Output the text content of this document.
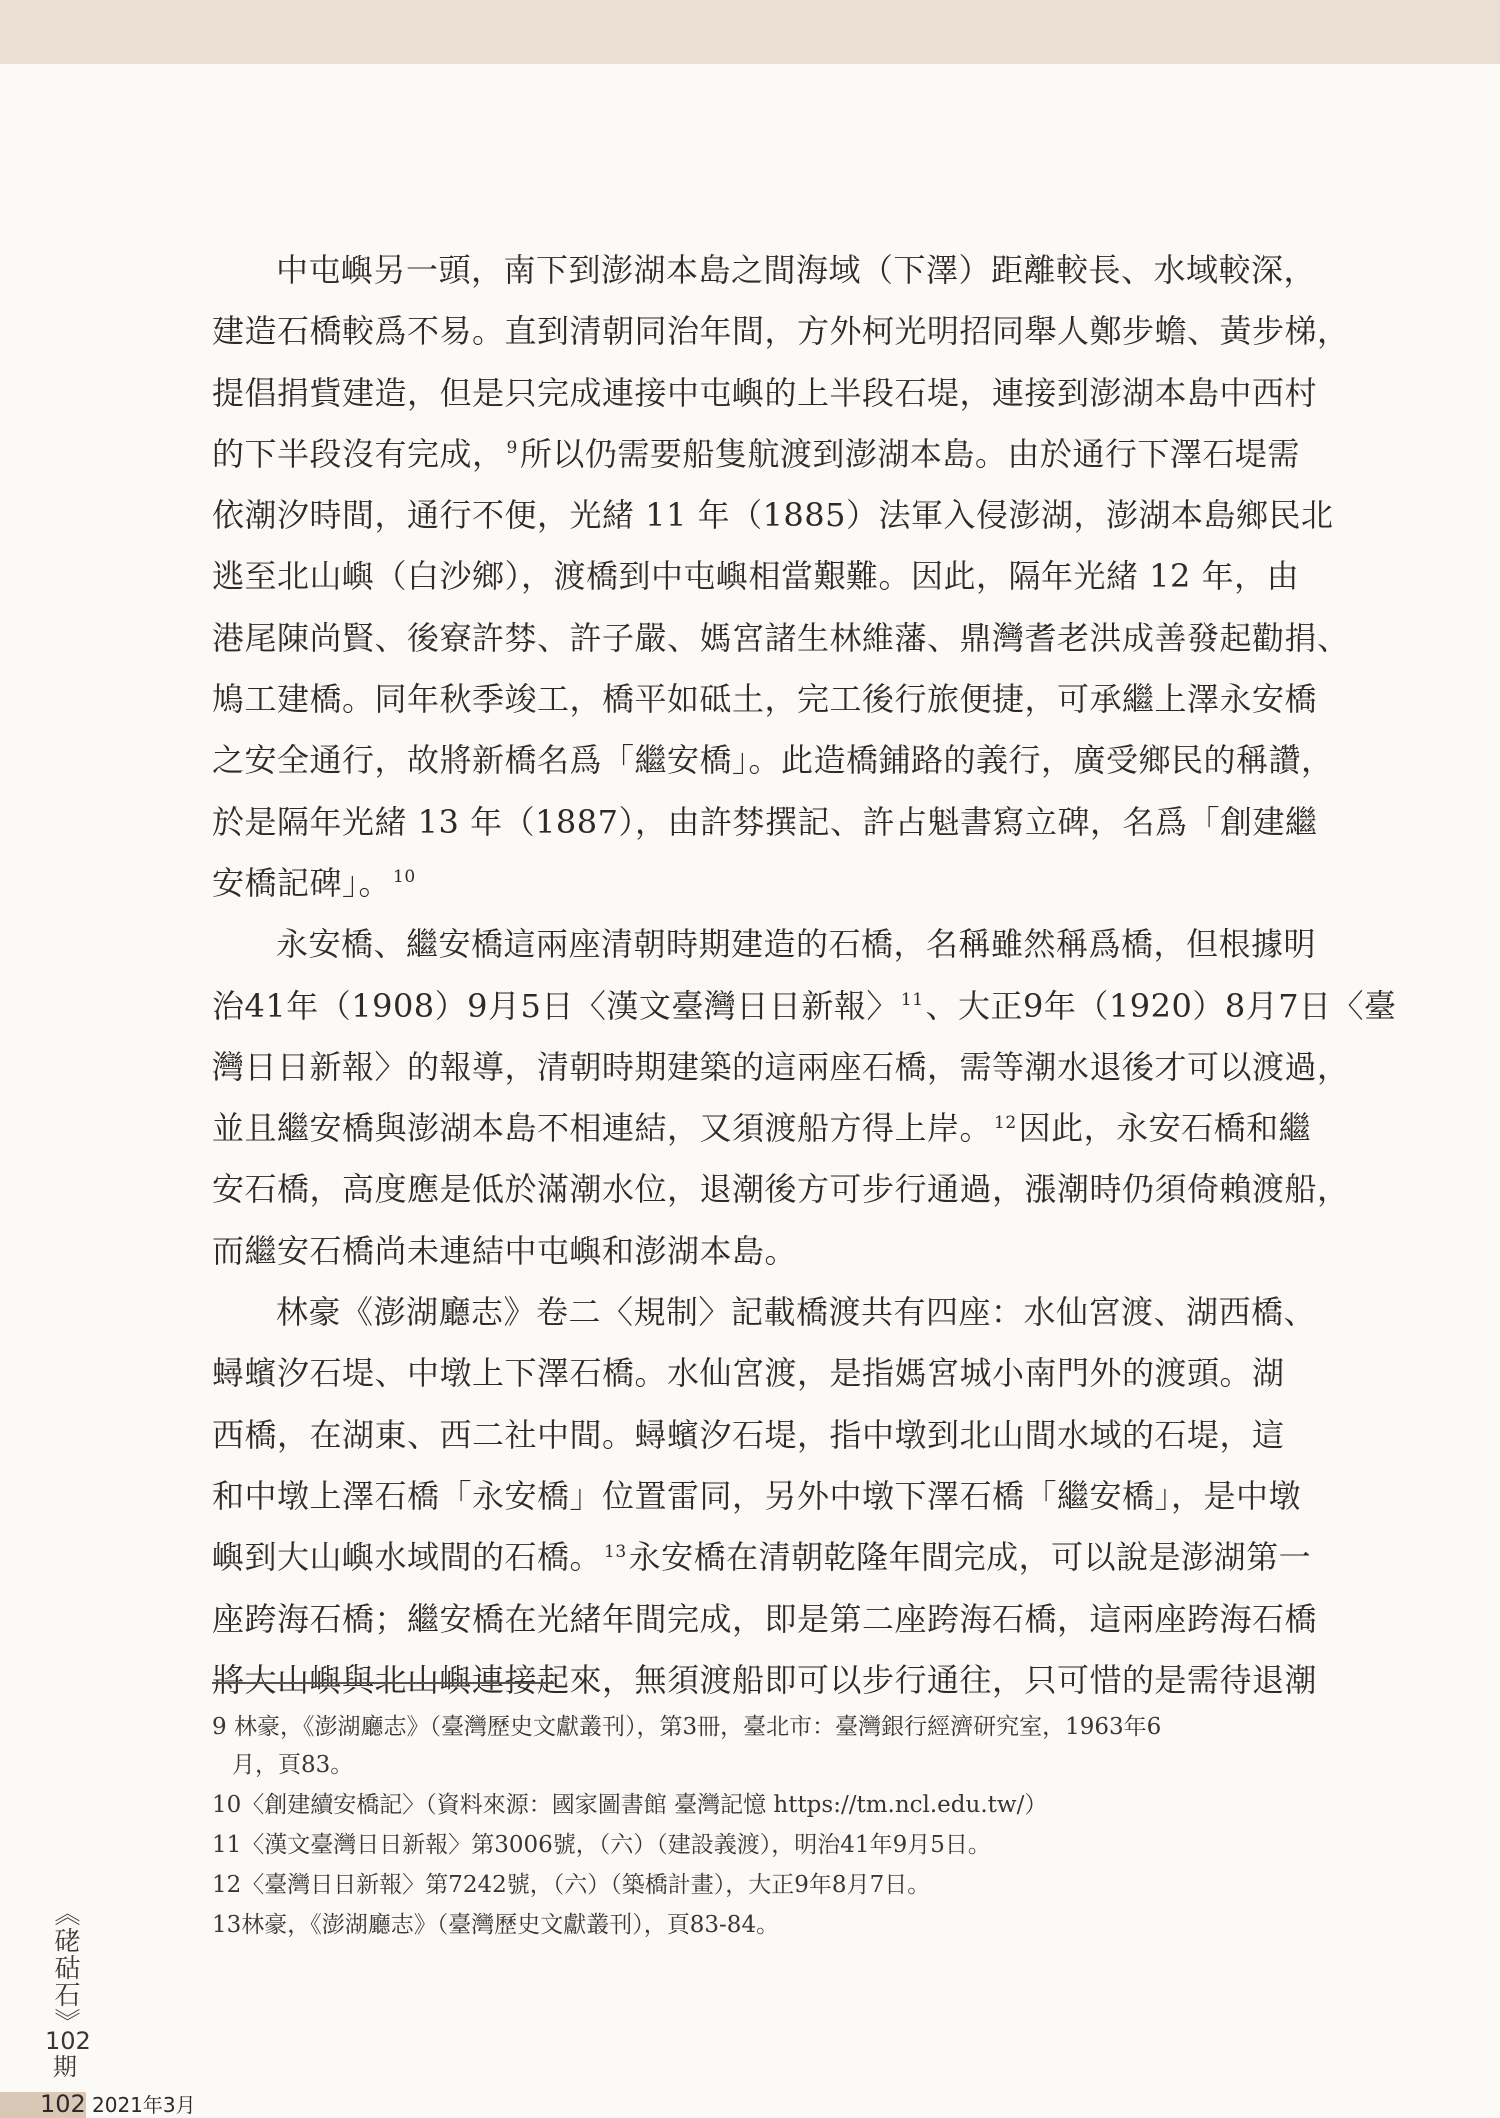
中屯嶼另一頭，南下到澎湖本島之間海域（下澤）距離較長、水域較深，
建造石橋較爲不易。直到清朝同治年間，方外柯光明招同舉人鄭步蟾、黃步梯，
提倡捐貲建造，但是只完成連接中屯嶼的上半段石堤，連接到澎湖本島中西村
的下半段沒有完成， $^9$所以仍需要船隻航渡到澎湖本島。由於通行下澤石堤需
依潮汐時間，通行不便，光緒 11 年（1885）法軍入侵澎湖，澎湖本島鄉民北
逃至北山嶼（白沙鄉），渡橋到中屯嶼相當艱難。因此，隔年光緒 12 年，由
港尾陳尚賢、後寮許棼、許子嚴、媽宮諸生林維藩、鼎灣耆老洪成善發起勸捐、
鳩工建橋。同年秋季竣工，橋平如砥土，完工後行旅便捷，可承繼上澤永安橋
之安全通行，故將新橋名爲「繼安橋」。此造橋鋪路的義行，廣受鄉民的稱讚，
於是隔年光緒 13 年（1887），由許棼撰記、許占魁書寫立碑，名爲「創建繼
安橋記碑」。 $^{10}$

永安橋、繼安橋這兩座清朝時期建造的石橋，名稱雖然稱爲橋，但根據明
治41年（1908）9月5日〈漢文臺灣日日新報〉 $^{11}$、大正9年（1920）8月7日〈臺
灣日日新報〉的報導，清朝時期建築的這兩座石橋，需等潮水退後才可以渡過，
並且繼安橋與澎湖本島不相連結，又須渡船方得上岸。 $^{12}$因此，永安石橋和繼
安石橋，高度應是低於滿潮水位，退潮後方可步行通過，漲潮時仍須倚賴渡船，
而繼安石橋尚未連結中屯嶼和澎湖本島。

林豪《澎湖廳志》卷二〈規制〉記載橋渡共有四座：水仙宮渡、湖西橋、
蟳蠙汐石堤、中墩上下澤石橋。水仙宮渡，是指媽宮城小南門外的渡頭。湖
西橋，在湖東、西二社中間。蟳蠙汐石堤，指中墩到北山間水域的石堤，這
和中墩上澤石橋「永安橋」位置雷同，另外中墩下澤石橋「繼安橋」，是中墩
嶼到大山嶼水域間的石橋。 $^{13}$永安橋在清朝乾隆年間完成，可以說是澎湖第一
座跨海石橋；繼安橋在光緒年間完成，即是第二座跨海石橋，這兩座跨海石橋
將大山嶼與北山嶼連接起來，無須渡船即可以步行通往，只可惜的是需待退潮

9 林豪，《澎湖廳志》（臺灣歷史文獻叢刊），第3冊，臺北市：臺灣銀行經濟研究室，1963年6
月，頁83。
10〈創建續安橋記〉（資料來源：國家圖書館 臺灣記憶 https://tm.ncl.edu.tw/）
11〈漢文臺灣日日新報〉第3006號，（六）（建設義渡），明治41年9月5日。
12〈臺灣日日新報〉第7242號，（六）（築橋計畫），大正9年8月7日。
13林豪，《澎湖廳志》（臺灣歷史文獻叢刊），頁83-84。
《硓𥑮石》
102
期
102 2021年3月
